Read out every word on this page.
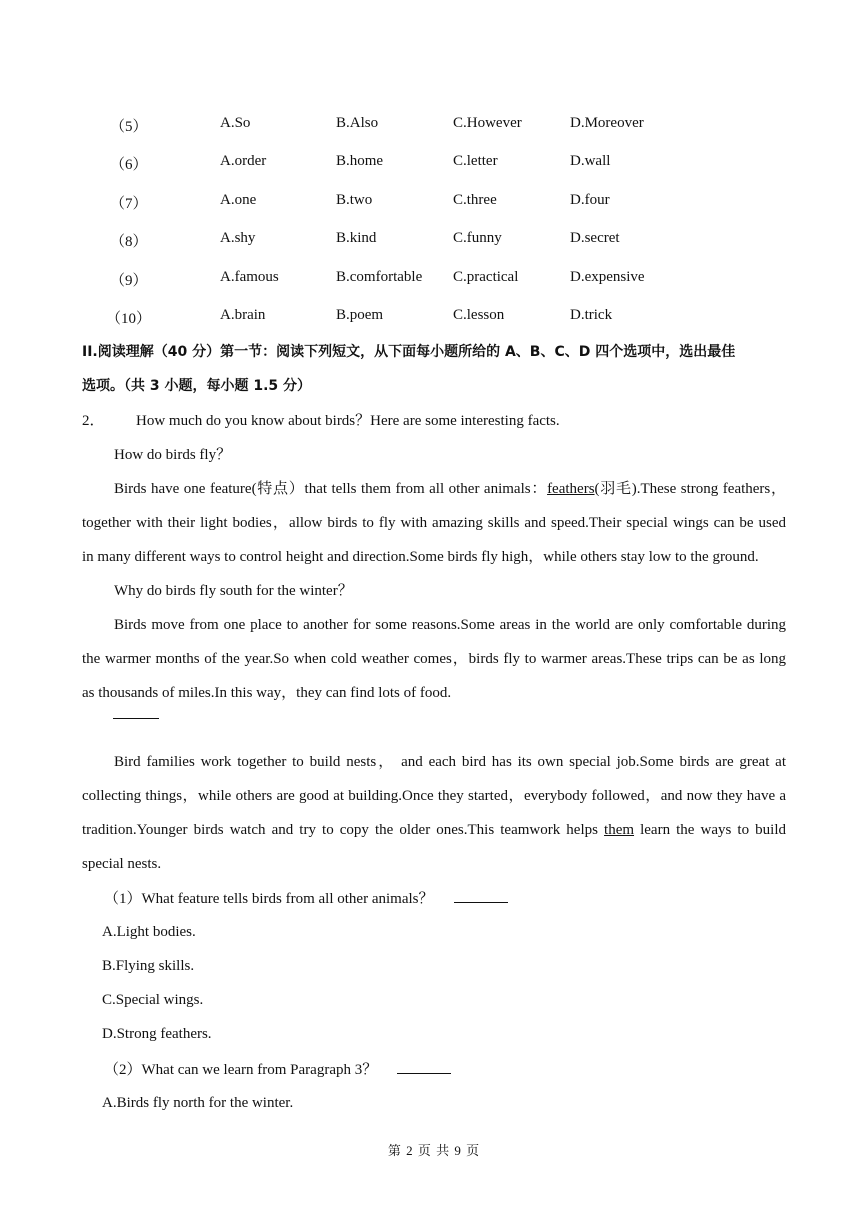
（5）	A.So	B.Also	C.However	D.Moreover
（6）	A.order	B.home	C.letter	D.wall
（7）	A.one	B.two	C.three	D.four
（8）	A.shy	B.kind	C.funny	D.secret
（9）	A.famous	B.comfortable C.practical	D.expensive
（10）	A.brain	B.poem	C.lesson	D.trick
II.阅读理解（40 分）第一节：阅读下列短文，从下面每小题所给的 A、B、C、D 四个选项中，选出最佳
选项。（共 3 小题，每小题 1.5 分）
2． How much do you know about birds？Here are some interesting facts.
How do birds fly？
Birds have one feature(特点）that tells them from all other animals：feathers(羽毛).These strong feathers，
together with their light bodies，allow birds to fly with amazing skills and speed.Their special wings can be used
in many different ways to control height and direction.Some birds fly high，while others stay low to the ground.
Why do birds fly south for the winter？
Birds move from one place to another for some reasons.Some areas in the world are only comfortable during
the warmer months of the year.So when cold weather comes，birds fly to warmer areas.These trips can be as long
as thousands of miles.In this way，they can find lots of food.
Bird families work together to build nests， and each bird has its own special job.Some birds are great at
collecting things，while others are good at building.Once they started，everybody followed，and now they have a
tradition.Younger birds watch and try to copy the older ones.This teamwork helps them learn the ways to build
special nests.
（1）What feature tells birds from all other animals？
A.Light bodies.
B.Flying skills.
C.Special wings.
D.Strong feathers.
（2）What can we learn from Paragraph 3？
A.Birds fly north for the winter.
第 2 页 共 9 页
